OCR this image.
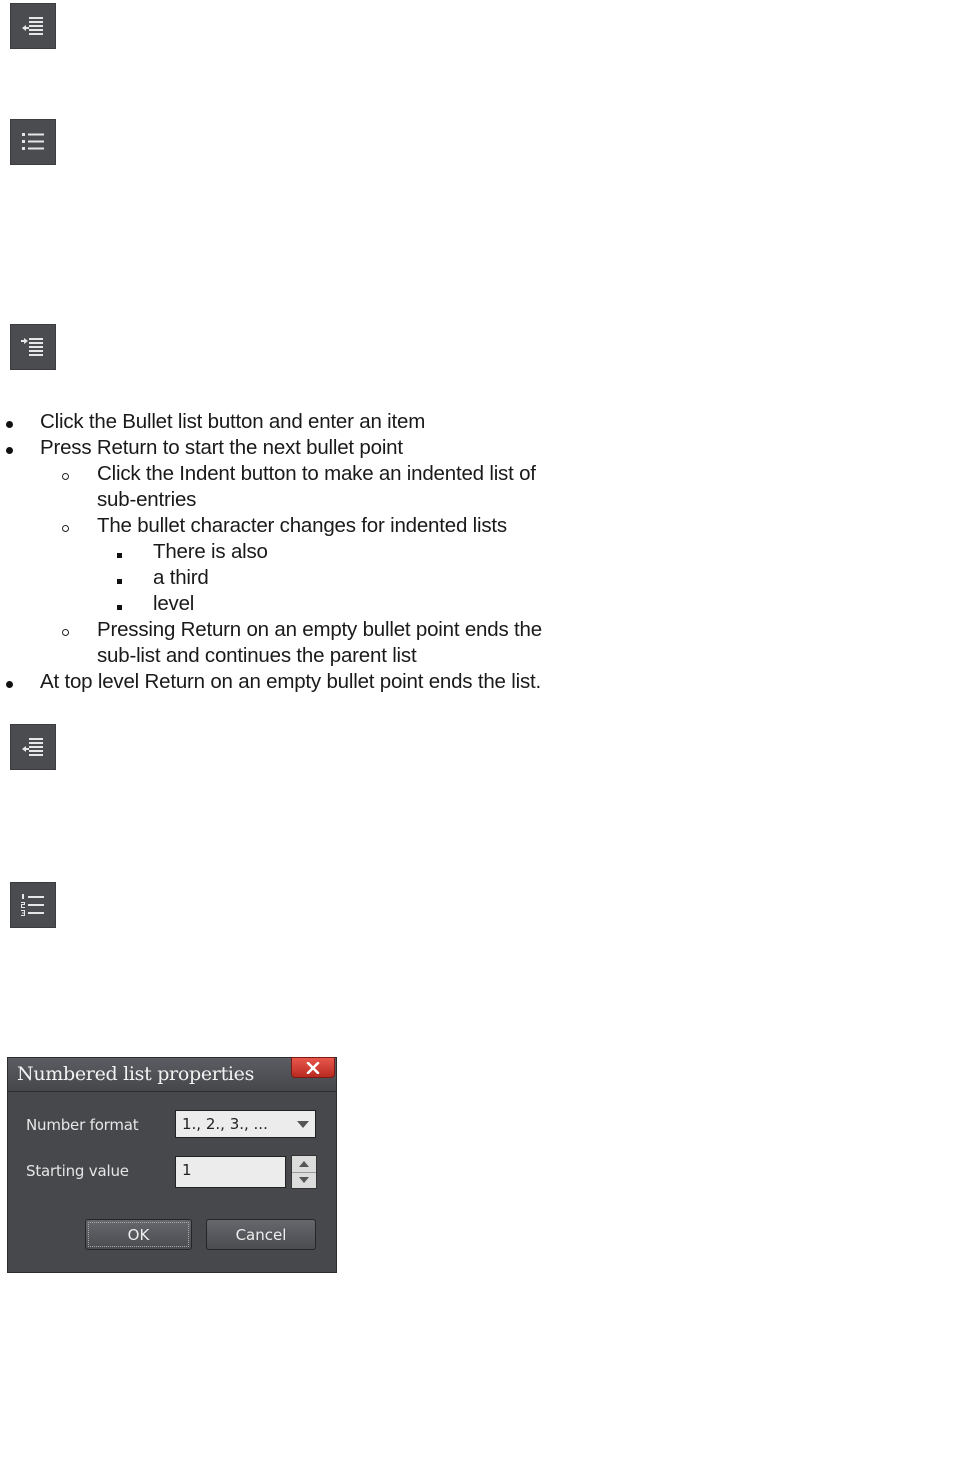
Click the Bullet list button and enter an item
Press Return to start the next bullet point
Click the Indent button to make an indented list of
sub-entries
The bullet character changes for indented lists
There is also
a third
level
Pressing Return on an empty bullet point ends the
sub-list and continues the parent list
At top level Return on an empty bullet point ends the list.
Numbered list properties
Number format	1., 2., 3., ...
Starting value	1
OK	Cancel
